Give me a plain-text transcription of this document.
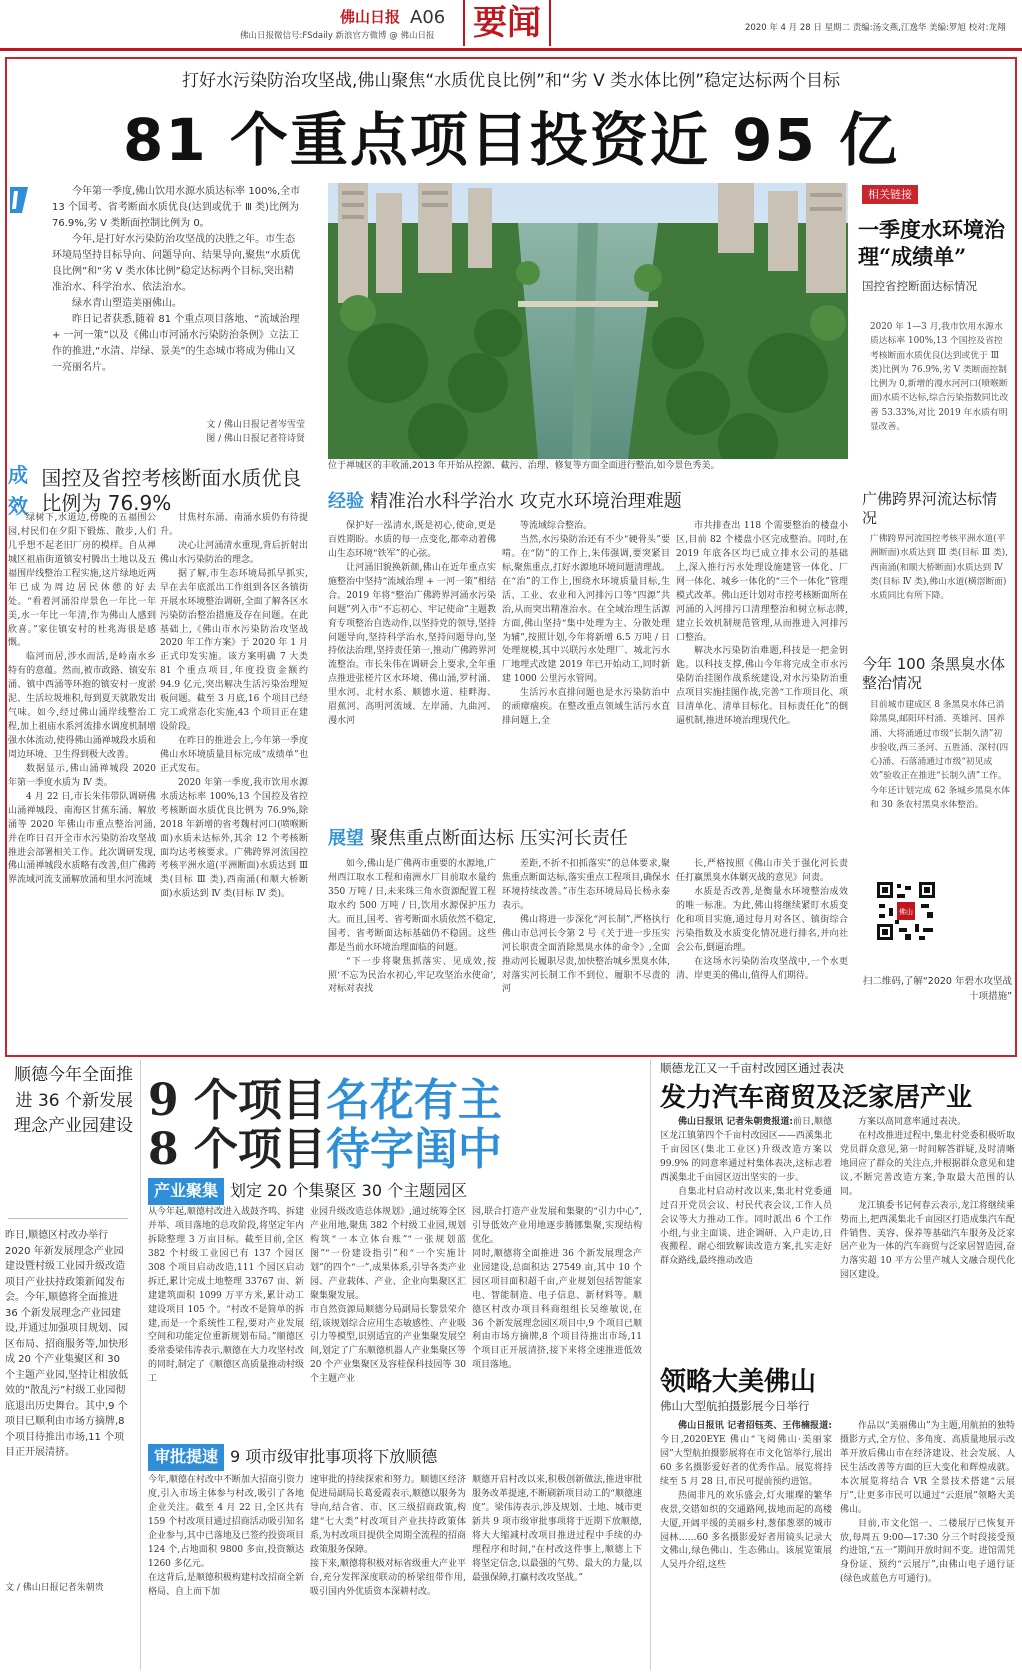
佛山日报 A06 要闻
佛山日报微信号:FSdaily 新浪官方微博 @ 佛山日报
2020 年 4 月 28 日 星期二 责编:汤文燕,江逸华 美编:罗旭 校对:龙翔
打好水污染防治攻坚战,佛山聚焦“水质优良比例”和“劣 V 类水体比例”稳定达标两个目标
81 个重点项目投资近 95 亿

今年第一季度,佛山饮用水源水质达标率 100%,全市 13 个国考、省考断面水质优良(达到或优于 Ⅲ 类)比例为 76.9%,劣 V 类断面控制比例为 0。

今年,是打好水污染防治攻坚战的决胜之年。市生态环境局坚持目标导向、问题导向、结果导向,聚焦“水质优良比例”和“劣 V 类水体比例”稳定达标两个目标,突出精准治水、科学治水、依法治水。

绿水青山塑造美丽佛山。

昨日记者获悉,随着 81 个重点项目落地、“流域治理 + 一河一策”以及《佛山市河涌水污染防治条例》立法工作的推进,“水清、岸绿、景美”的生态城市将成为佛山又一亮丽名片。

文 / 佛山日报记者岑雪莹
图 / 佛山日报记者符诗贤
位于禅城区的丰收涌,2013 年开始从控源、截污、治理、修复等方面全面进行整治,如今景色秀美。
成效
国控及省控考核断面水质优良比例为 76.9%

绿树下,水道边,傍晚的五福围公园,村民们在夕阳下锻炼、散步,人们几乎想不起老旧厂房的模样。自从禅城区祖庙街道镇安村腾出土地以及五福围岸线整治工程实施,这片绿地近两年已成为周边居民休憩的好去处。“看着河涌沿岸景色一年比一年美,水一年比一年清,作为佛山人感到欣喜。”家住镇安村的杜兆海很是感慨。

临河而居,涉水而活,是岭南水乡特有的意蕴。然而,被市政路、镇安东涌、镇中西涌等环抱的镇安村一度淤泥、生活垃圾堆积,每到夏天就散发出气味。如今,经过佛山涌岸线整治工程,加上祖庙水系河流排水调度机制增强水体流动,使得佛山涌禅城段水质和周边环境、卫生得到极大改善。

数据显示,佛山涌禅城段 2020 年第一季度水质为 Ⅳ 类。

4 月 22 日,市长朱伟带队调研佛山涌禅城段、南海区甘蕉东涌、解放涌等 2020 年佛山市重点整治河涌,并在昨日召开全市水污染防治攻坚战推进会部署相关工作。此次调研发现,佛山涌禅城段水质略有改善,但广佛跨界流域河流支涌解放涌和里水河流域

甘焦村东涌、南涌水质仍有待提升。

决心让河涌清水重现,背后折射出佛山水污染防治的理念。

据了解,市生态环境局抓早抓实,早在去年底派出工作组到各区各镇街开展水环境整治调研,全面了解各区水污染防治整治措施及存在问题。在此基础上,《佛山市水污染防治攻坚战 2020 年工作方案》于 2020 年 1 月正式印发实施。该方案明确 7 大类 81 个重点项目,年度投资金额约 94.9 亿元,突出解决生活污染治理短板问题。截至 3 月底,16 个项目已经完工或常态化实施,43 个项目正在建设阶段。

在昨日的推进会上,今年第一季度佛山水环境质量目标完成“成绩单”也正式发布。

2020 年第一季度,我市饮用水源水质达标率 100%,13 个国控及省控考核断面水质优良比例为 76.9%,除 2018 年新增的省考魏村河口(喷喉断面)水质未达标外,其余 12 个考核断面均达考核要求。广佛跨界河流国控考核平洲水道(平洲断面)水质达到 Ⅲ 类(目标 Ⅲ 类),西南涌(和顺大桥断面)水质达到 Ⅳ 类(目标 Ⅳ 类)。

经验 精准治水科学治水 攻克水环境治理难题

保护好一泓清水,既是初心,使命,更是百姓期盼。水质的每一点变化,都牵动着佛山生态环境“铁军”的心弦。

让河涌旧貌换新颜,佛山在近年重点实施整治中坚持“流域治理 + 一河一策”相结合。2019 年将“整治广佛跨界河涌水污染问题”列入市“不忘初心、牢记使命”主题教育专项整治自选动作,以坚持党的领导,坚持问题导向,坚持科学治水,坚持问题导向,坚持依法治理,坚持责任第一,推动广佛跨界河流整治。市长朱伟在调研会上要求,全年重点推进张槎片区水环境、佛山涌,罗村涌、里水河、北村水系、顺德水道、桂畔海、眉蕉河、高明河流域、左岸涌、九曲河、漫水河

等流域综合整治。

当然,水污染防治还有不少“硬骨头”要啃。在“防”的工作上,朱伟强调,要突紧目标,聚焦重点,打好水源地环境问题清理战。在“治”的工作上,围绕水环境质量目标,生活、工业、农业和入河排污口等“四源”共治,从而突出精准治水。在全域治理生活源方面,佛山坚持“集中处理为主、分散处理为辅”,按照计划,今年将新增 6.5 万吨 / 日处理规模,其中兴联污水处理厂、城北污水厂地埋式改建 2019 年已开始动工,同时新建 1000 公里污水管网。

生活污水直排问题也是水污染防治中的顽瘴痼疾。在整改重点领域生活污水直排问题上,全

市共排查出 118 个需要整治的楼盘小区,目前 82 个楼盘小区完成整治。同时,在 2019 年底各区均已成立排水公司的基础上,深入推行污水处理设施建管一体化、厂网一体化、城乡一体化的“三个一体化”管理模式改革。佛山还计划对市控考核断面所在河涌的入河排污口清理整治和树立标志牌,建立长效机制规范管理,从而推进入河排污口整治。

解决水污染防治难题,科技是一把金钥匙。以科技支撑,佛山今年将完成全市水污染防治挂图作战系统建设,对水污染防治重点项目实施挂图作战,完善“工作项目化、项目清单化、清单目标化、目标责任化”的倒逼机制,推进环境治理现代化。

展望 聚焦重点断面达标 压实河长责任

如今,佛山是广佛两市重要的水源地,广州西江取水工程和南洲水厂目前取水量约 350 万吨 / 日,未来珠三角水资源配置工程取水约 500 万吨 / 日,饮用水源保护压力大。而且,国考、省考断面水质依然不稳定,国考、省考断面达标基础仍不稳固。这些都是当前水环境治理面临的问题。

“下一步将聚焦抓落实、见成效,按照‘不忘为民治水初心,牢记攻坚治水使命’,对标对表找

差距,不折不扣抓落实”的总体要求,聚焦重点断面达标,落实重点工程项目,确保水环境持续改善。”市生态环境局局长杨永泰表示。

佛山将进一步深化“河长制”,严格执行佛山市总河长令第 2 号《关于进一步压实河长职责全面消除黑臭水体的命令》,全面推动河长履职尽责,加快整治城乡黑臭水体,对落实河长制工作不到位、履职不尽责的河

长,严格按照《佛山市关于强化河长责任打赢黑臭水体剿灭战的意见》问责。

水质是否改善,是衡量水环境整治成效的唯一标准。为此,佛山将继续紧盯水质变化和项目实施,通过每月对各区、镇街综合污染指数及水质变化情况进行排名,并向社会公布,倒逼治理。

在这场水污染防治攻坚战中,一个水更清、岸更美的佛山,值得人们期待。

相关链接
一季度水环境治理“成绩单”
国控省控断面达标情况
2020 年 1—3 月,我市饮用水源水质达标率 100%,13 个国控及省控考核断面水质优良(达到或优于 Ⅲ 类)比例为 76.9%,劣 V 类断面控制比例为 0,新增的漫水河河口(喷喉断面)水质不达标,综合污染指数同比改善 53.33%,对比 2019 年水质有明显改善。
广佛跨界河流达标情况
广佛跨界河流国控考核平洲水道(平洲断面)水质达到 Ⅲ 类(目标 Ⅲ 类),西南涌(和顺大桥断面)水质达到 Ⅳ 类(目标 Ⅳ 类),佛山水道(横滘断面)水质同比有所下降。
今年 100 条黑臭水体整治情况
目前城市建成区 8 条黑臭水体已消除黑臭,邮阳环村涌、英雄河、国养涌、大将涌通过市级“长制久清”初步验收,西三圣河、五胜涌、深村(四心)涌、石落涌通过市级“初见成效”验收正在推进“长制久清”工作。今年还计划完成 62 条城乡黑臭水体和 30 条农村黑臭水体整治。
佛山
扫二维码,了解“2020 年碧水攻坚战十项措施”
顺德今年全面推进 36 个新发展理念产业园建设
昨日,顺德区村改办举行 2020 年新发展理念产业园建设暨村级工业园升级改造项目产业扶持政策新闻发布会。今年,顺德将全面推进 36 个新发展理念产业园建设,并通过加强项目规划、园区布局、招商服务等,加快形成 20 个产业集聚区和 30 个主题产业园,坚持让相放低效的“散乱污”村级工业园彻底退出历史舞台。其中,9 个项目已顺利由市场方摘牌,8 个项目待推出市场,11 个项目正开展清挤。
文 / 佛山日报记者朱朝贵
9 个项目名花有主
8 个项目待字闺中
产业聚集 划定 20 个集聚区 30 个主题园区
从今年起,顺德村改进入战鼓齐鸣、拆建并举、项目落地的总攻阶段,将坚定年内拆除整理 3 万亩目标。截至目前,全区 382 个村级工业园已有 137 个园区 308 个项目启动改造,111 个园区启动拆迁,累计完成土地整理 33767 亩、新建建筑面积 1099 万平方米,累计动工建设项目 105 个。“村改不是简单的拆建,而是一个系统性工程,要对产业发展空间和功能定位重新规划布局。”顺德区委常委梁伟涛表示,顺德在大力攻坚村改的同时,制定了《顺德区高质量推动村级工
业园升级改造总体规划》,通过统筹全区产业用地,聚焦 382 个村级工业园,规划构筑“一本立体台账”“一张规划蓝图”“一份建设指引”和“一个实施计划”的四个“一”,成果体系,引导各类产业园、产业载体、产业、企业向集聚区汇聚集聚发展。
市自然资源局顺德分局副局长黎景荣介绍,该规划综合应用生态敏感性、产业吸引力等模型,识别适宜的产业集聚发展空间,划定了广东顺德机器人产业集聚区等 20 个产业集聚区及容桂保科技园等 30 个主题产业
园,联合打造产业发展和集聚的“引力中心”,引导低效产业用地逐步腾挪集聚,实现结构优化。
同时,顺德将全面推进 36 个新发展理念产业园建设,总面积达 27549 亩,其中 10 个园区项目面积超千亩,产业规划包括智能家电、智能制造、电子信息、新材料等。顺德区村改办项目科商组组长吴维敏说,在 36 个新发展理念园区项目中,9 个项目已顺利由市场方摘牌,8 个项目待推出市场,11 个项目正开展清挤,接下来将全速推进低效项目落地。
审批提速 9 项市级审批事项将下放顺德
今年,顺德在村改中不断加大招商引资力度,引入市场主体参与村改,吸引了各地企业关注。截至 4 月 22 日,全区共有 159 个村改项目通过招商活动吸引知名企业参与,其中已落地及已签约投资项目 124 个,占地面积 9800 多亩,投资额达 1260 多亿元。
在这背后,是顺德积极构建村改招商全新格局、自上而下加
速审批的持续探索和努力。顺德区经济促进局副局长葛爱霞表示,顺德以服务为导向,结合省、市、区三级招商政策,构建“七大类”村改项目产业扶持政策体系,为村改项目提供全周期全流程的招商政策服务保障。
接下来,顺德将积极对标省级重大产业平台,充分发挥深度联动的桥梁纽带作用,吸引国内外优质资本深耕村改。
顺德开启村改以来,积极创新做法,推进审批服务改革提速,不断刷新项目动工的“顺德速度”。梁伟涛表示,涉及规划、土地、城市更新共 9 项市级审批事项将于近期下放顺德,将大大缩减村改项目推进过程中手续的办理程序和时间,“在村改这件事上,顺德上下将坚定信念,以最强的气势、最大的力量,以最强保障,打赢村改攻坚战。”
顺德龙江又一千亩村改园区通过表决
发力汽车商贸及泛家居产业

佛山日报讯 记者朱朝贵报道:前日,顺德区龙江镇第四个千亩村改园区——西溪集北千亩园区(集北工业区)升级改造方案以 99.9% 的同意率通过村集体表决,这标志着西溪集北千亩园区迈出坚实的一步。

自集北村启动村改以来,集北村党委通过召开党员会议、村民代表会议,工作人员会议等大力推动工作。同时派出 6 个工作小组,与业主面谈、进企调研、入户走访,日夜搬程、耐心细致解读改造方案,扎实走好群众路线,最终推动改造

方案以高同意率通过表决。

在村改推进过程中,集北村党委积极听取党员群众意见,第一时间解答群疑,及时清晰地回应了群众的关注点,并根据群众意见和建议,不断完善改造方案,争取最大范围的认同。

龙江镇委书记何春云表示,龙江将继续乘势而上,把西溪集北千亩园区打造成集汽车配件销售、美容、保养等基础汽车服务及泛家居产业为一体的汽车商贸与泛家居智造园,奋力落实超 10 平方公里产城人文融合现代化园区建设。

领略大美佛山
佛山大型航拍摄影展今日举行

佛山日报讯 记者招钰英、王伟楠报道:今日,2020EYE 佛山“飞阅佛山·美丽家园”大型航拍摄影展将在市文化馆举行,展出 60 多名摄影爱好者的优秀作品。展览将持续至 5 月 28 日,市民可提前预约进馆。

热闹非凡的欢乐盛会,灯火璀璨的繁华夜景,交错如织的交通路网,拔地而起的高楼大厦,开阔平缓的美丽乡村,葱郁葱翠的城市园林……60 多名摄影爱好者用镜头记录大文佛山,绿色佛山、生态佛山。该展览策展人吴丹介绍,这些

作品以“美丽佛山”为主题,用航拍的独特摄影方式,全方位、多角度、高质量地展示改革开放后佛山市在经济建设、社会发展、人民生活改善等方面的巨大变化和辉煌成就。本次展览将结合 VR 全景技术搭建“云展厅”,让更多市民可以通过“云逛展”领略大美佛山。

目前,市文化馆一、二楼展厅已恢复开放,每周五 9:00—17:30 分三个时段接受预约进馆,“五一”期间开放时间不变。进馆需凭身份证、预约“云展厅”,由佛山电子通行证(绿色或蓝色方可通行)。
